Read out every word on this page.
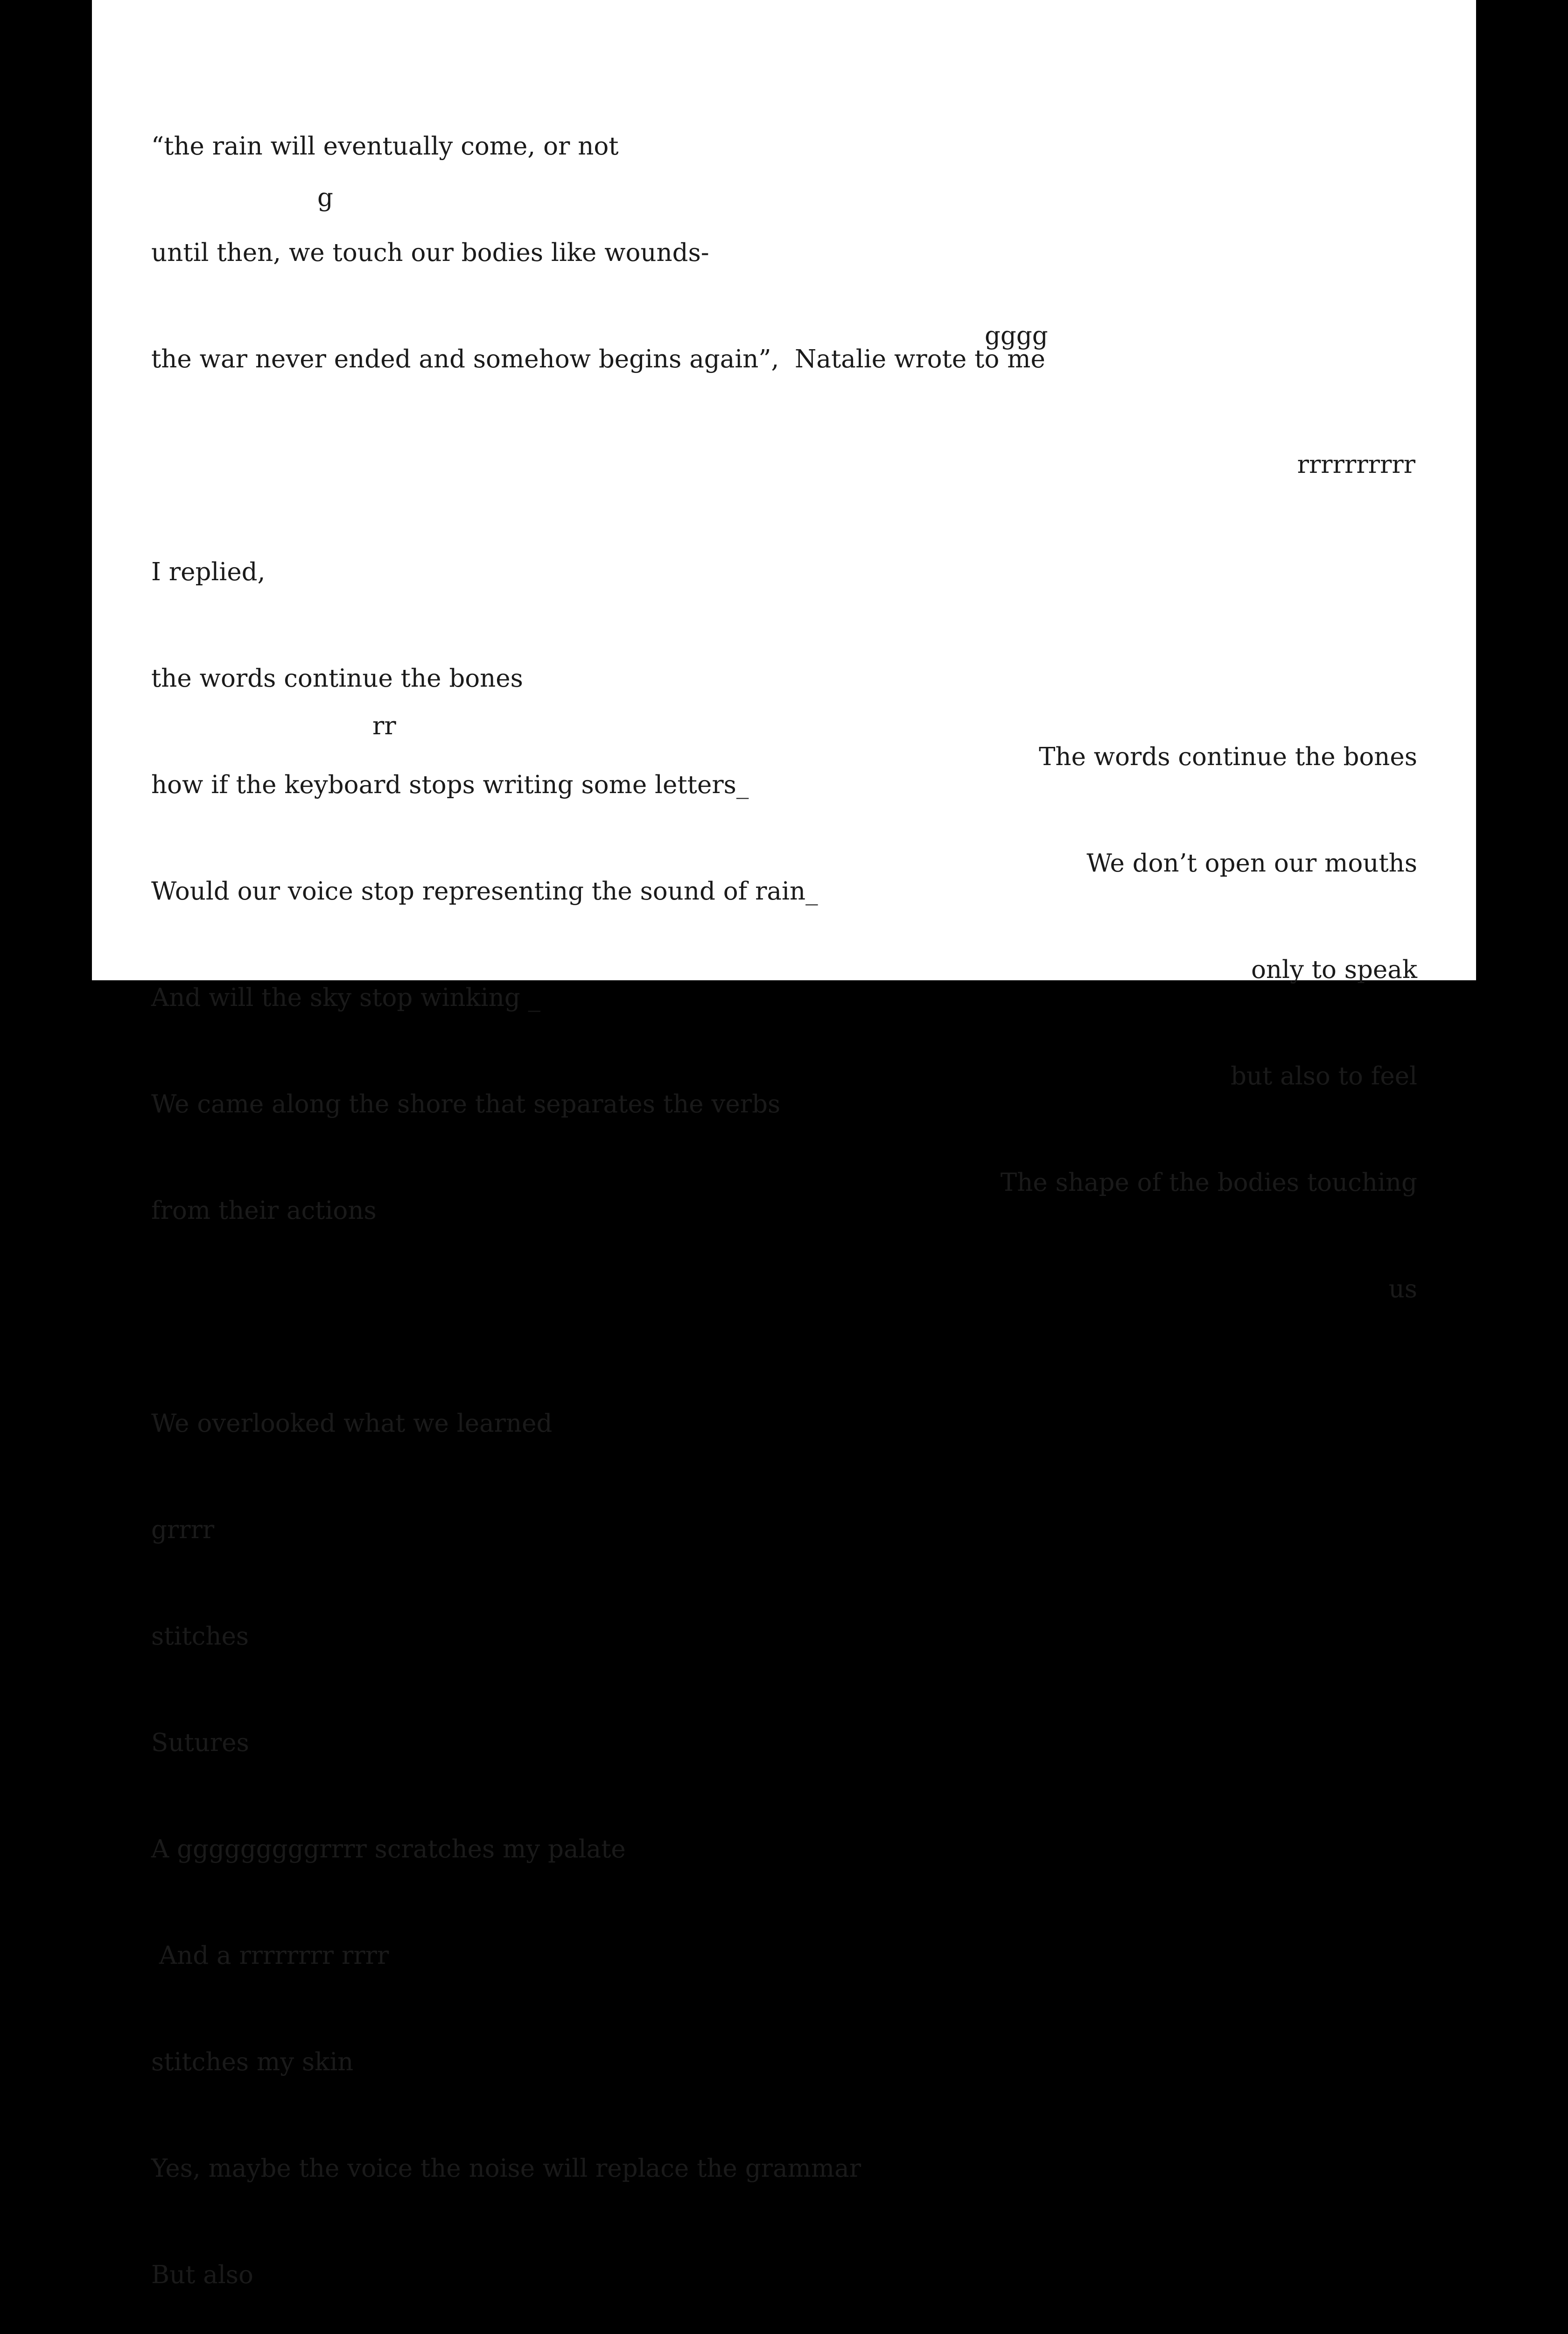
“the rain will eventually come, or not

until then, we touch our bodies like wounds-

the war never ended and somehow begins again”,  Natalie wrote to me

I replied,

the words continue the bones

how if the keyboard stops writing some letters_

Would our voice stop representing the sound of rain_

And will the sky stop winking _

We came along the shore that separates the verbs

from their actions

We overlooked what we learned

grrrr

stitches

Sutures

A gggggggggrrrr scratches my palate

And a rrrrrrrr rrrr

stitches my skin

Yes, maybe the voice the noise will replace the grammar

But also

The words continue the bones

We don’t open our mouths

only to speak

but also to feel

The shape of the bodies touching

us

g
gggg
rrrrrrrrrr
rr
